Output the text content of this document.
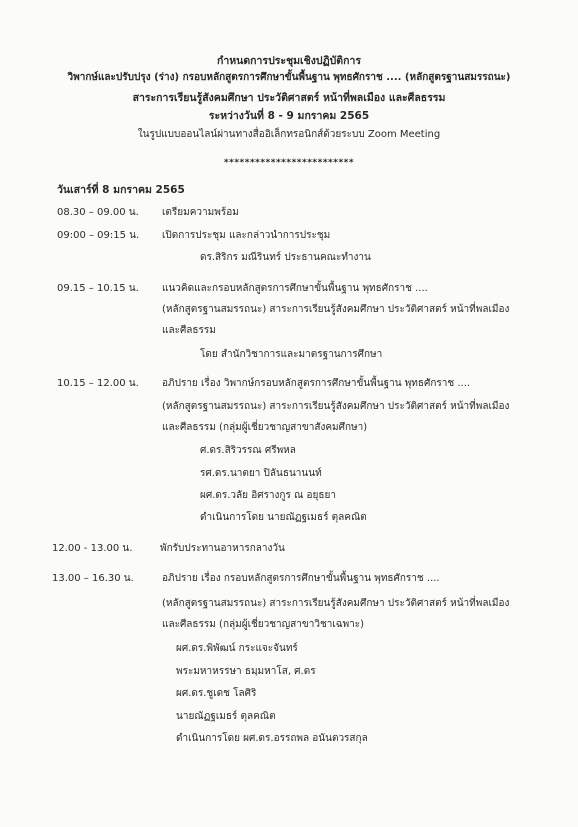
กำหนดการประชุมเชิงปฏิบัติการ
วิพากษ์และปรับปรุง (ร่าง) กรอบหลักสูตรการศึกษาขั้นพื้นฐาน พุทธศักราช .... (หลักสูตรฐานสมรรถนะ)
สาระการเรียนรู้สังคมศึกษา ประวัติศาสตร์ หน้าที่พลเมือง และศีลธรรม
ระหว่างวันที่ 8 - 9 มกราคม 2565
ในรูปแบบออนไลน์ผ่านทางสื่ออิเล็กทรอนิกส์ด้วยระบบ Zoom Meeting
*************************
วันเสาร์ที่ 8 มกราคม 2565
08.30 – 09.00 น. เตรียมความพร้อม
09:00 – 09:15 น. เปิดการประชุม และกล่าวนำการประชุม
ดร.สิริกร มณีรินทร์ ประธานคณะทำงาน
09.15 – 10.15 น. แนวคิดและกรอบหลักสูตรการศึกษาขั้นพื้นฐาน พุทธศักราช ....
(หลักสูตรฐานสมรรถนะ) สาระการเรียนรู้สังคมศึกษา ประวัติศาสตร์ หน้าที่พลเมือง
และศีลธรรม
โดย สำนักวิชาการและมาตรฐานการศึกษา
10.15 – 12.00 น. อภิปราย เรื่อง วิพากษ์กรอบหลักสูตรการศึกษาขั้นพื้นฐาน พุทธศักราช ....
(หลักสูตรฐานสมรรถนะ) สาระการเรียนรู้สังคมศึกษา ประวัติศาสตร์ หน้าที่พลเมือง
และศีลธรรม (กลุ่มผู้เชี่ยวชาญสาขาสังคมศึกษา)
ศ.ดร.สิริวรรณ ศรีพหล
รศ.ดร.นาตยา ปิลันธนานนท์
ผศ.ดร.วลัย อิศรางกูร ณ อยุธยา
ดำเนินการโดย นายณัฏฐเมธร์ ตุลคณิต
12.00 - 13.00 น.	พักรับประทานอาหารกลางวัน
13.00 – 16.30 น.	อภิปราย เรื่อง กรอบหลักสูตรการศึกษาขั้นพื้นฐาน พุทธศักราช ....
(หลักสูตรฐานสมรรถนะ) สาระการเรียนรู้สังคมศึกษา ประวัติศาสตร์ หน้าที่พลเมือง
และศีลธรรม (กลุ่มผู้เชี่ยวชาญสาขาวิชาเฉพาะ)
ผศ.ดร.พิพัฒน์ กระแจะจันทร์
พระมหาหรรษา ธมฺมหาโส, ศ.ดร
ผศ.ดร.ชูเดช โลศิริ
นายณัฏฐเมธร์ ตุลคณิต
ดำเนินการโดย ผศ.ดร.อรรถพล อนันตวรสกุล
